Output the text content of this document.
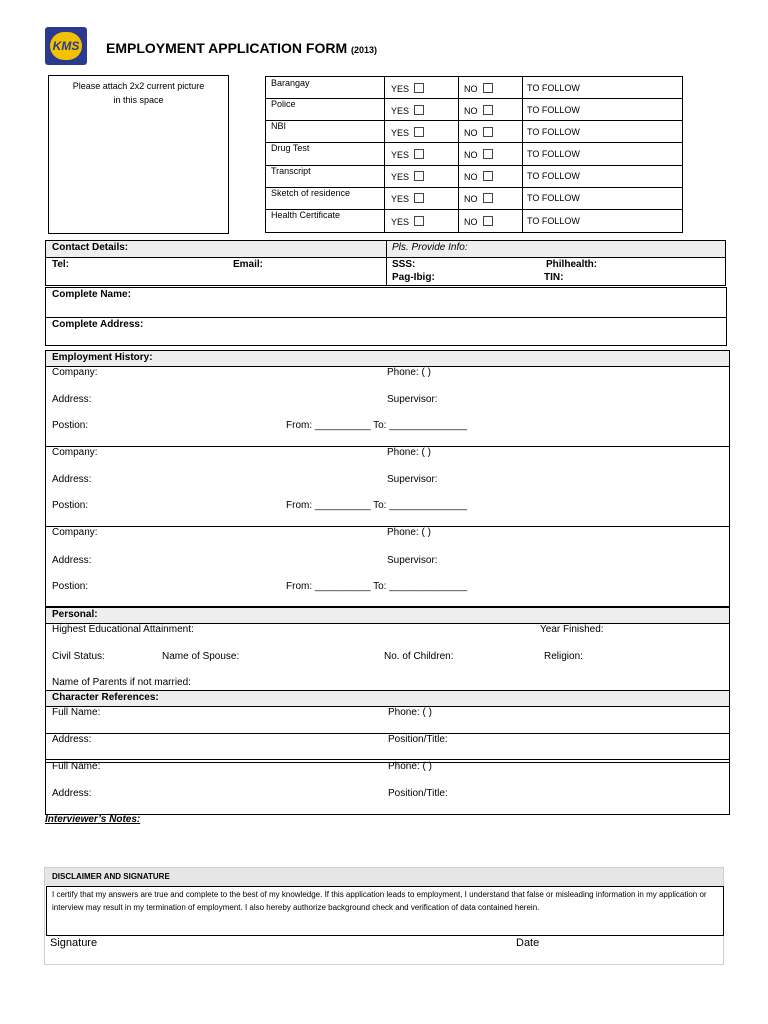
KMS	EMPLOYMENT APPLICATION FORM (2013)
Please attach 2x2 current picture
in this space
Barangay
YES	NO	TO FOLLOW
Police
YES	NO	TO FOLLOW
NBI
YES	NO	TO FOLLOW
Drug Test
YES	NO	TO FOLLOW
Transcript
YES	NO	TO FOLLOW
Sketch of residence
YES	NO	TO FOLLOW
Health Certificate
YES	NO	TO FOLLOW
Contact Details:	Pls. Provide Info:
Tel:	Email:	SSS:	Philhealth:
Pag-Ibig:	TIN:
Complete Name:
Complete Address:
Employment History:
Company:	Phone: ( )
Address:	Supervisor:
Postion:	From: __________ To: ______________
Company:	Phone: ( )
Address:	Supervisor:
Postion:	From: __________ To: ______________
Company:	Phone: ( )
Address:	Supervisor:
Postion:	From: __________ To: ______________
Personal:
Highest Educational Attainment:	Year Finished:
Civil Status:	Name of Spouse:	No. of Children:	Religion:
Name of Parents if not married:
Character References:
Full Name:	Phone: ( )
Address:	Position/Title:
Full Name:	Phone: ( )
Address:	Position/Title:
Interviewer’s Notes:
DISCLAIMER AND SIGNATURE
I certify that my answers are true and complete to the best of my knowledge. If this application leads to employment, I understand that false or misleading information in my application or interview may result in my termination of employment. I also hereby authorize background check and verification of data contained herein.
Signature	Date
